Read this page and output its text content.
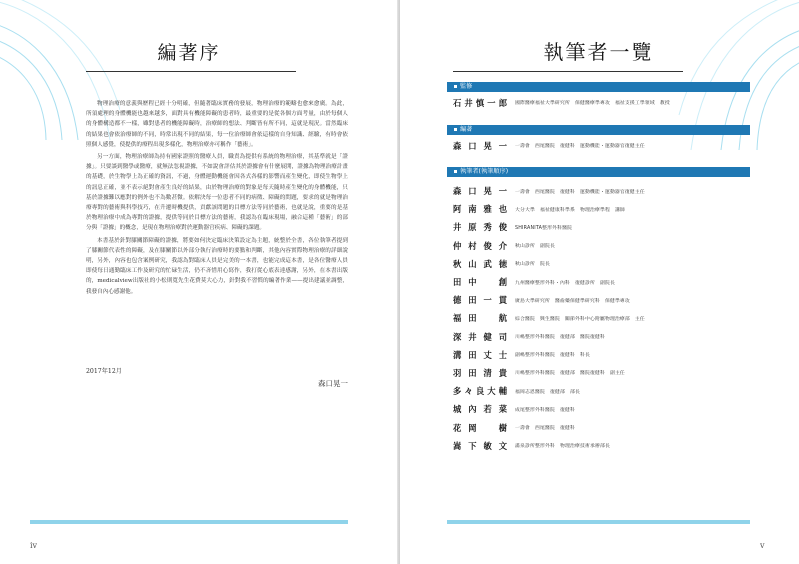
編著序

物理治療的意義與歷程已經十分明確，但隨著臨床實務的發展，物理治療的範疇也愈來愈廣。為此，所須處理的身體機能也越來越多，面對具有機能障礙的患者時，最重要的是從各個方面考量，由於每個人的身體構造都不一樣，雖對患者的機能障礙時，治療師的想法、判斷皆有所不同，這就是現況。當然臨床的結果也會依治療師的不同，時常出現不同的結果，每一位治療師會依這樣的自身知識、經驗，有時會依照個人感覺，使提供的療程出現多樣化，物理治療亦可稱作「藝術」。

另一方面，物理治療師為持有國家證照的醫療人員，職責為提供有系統的物理治療，其基準就是「證據」。只要談到醫學或醫療，就無法忽視證據，不如說會評估其於證據會有什麼展開，證據為物理治療計畫的基礎，於生物學上為正確的資訊，不過，身體運動機能會因各式各樣的影響而產生變化，即使生物學上的訊息正確，並不表示絕對會產生良好的結果，由於物理治療的對象是每天隨時產生變化的身體機能，只基於證據難以應對的例外也不為數甚微。依解決每一位患者不同的病徵、障礙的問題，要求的就是物理治療專對的藝術與科學技巧，在升遷時機提供，貢獻該問題的目標方法等同於藝術，也就是說，重要的是基於物理治療中成為專對的證據，提供等同於目標方法的藝術，我認為在臨床現場，融合這種「藝術」的部分與「證據」的概念，是現在物理治療對於運動器官疾病、障礙的課題。

本書基於針對膝關節障礙的證據，將要如何決定臨床決策設定為主題，統整於全書，各位執筆者提到了膝關節代表性的障礙，及在膝關節以外部分執行治療時的要點和判斷，其他內容實際物理治療的詳細說明，另外，內容也包含案例研究，我認為對臨床人員是完美的一本書，也能完成這本書，是各位醫療人員即使每日通勤臨床工作及研究的忙碌生活，仍不吝惜用心寫作，我打從心底表達感謝，另外，在本書出版的，medicalview出版社的小松則寬先生花費莫大心力，針對我不習慣的編著作業——提出建議並調整，我發自內心感謝他。

2017年12月
森口晃一
iv
執筆者一覽
監修
石井慎一郎 國際醫療福祉大學研究所　保健醫療學專攻　福祉支援工學領域　教授
編著
森口晃一 一壽會　西尾醫院　復健科　運動機能・運動器官復健主任
執筆者(執筆順序)
森口晃一 一壽會　西尾醫院　復健科　運動機能・運動器官復健主任
阿南雅也 大分大學　福祉健康科學系　物理治療學程　講師
井原秀俊 SHIRANITA整形外科醫院
仲村俊介 秋山診所　副院長
秋山武徳 秋山診所　院長
田中　創 九州醫療整形外科・內科　復健診所　副院長
德田一貫 廣島大學研究所　醫齒藥保健學研究科　保健學專攻
福田　航 綜合醫院　興生醫院　關節外科中心附屬物理治療部　主任
深井健司 川嶋整形外科醫院　復健部　醫院復健科
溝田丈士 副嶋整形外科醫院　復健科　科長
羽田清貴 川嶋整形外科醫院　復健部　醫院復健科　副主任
多々良大輔 福岡志恩醫院　復健部　部長
城內若菜 成尾整形外科醫院　復健科
花岡　樹 一壽會　西尾醫院　復健科
嵩下敏文 滿泉診所整形外科　物理治療技術承辦部長
v
